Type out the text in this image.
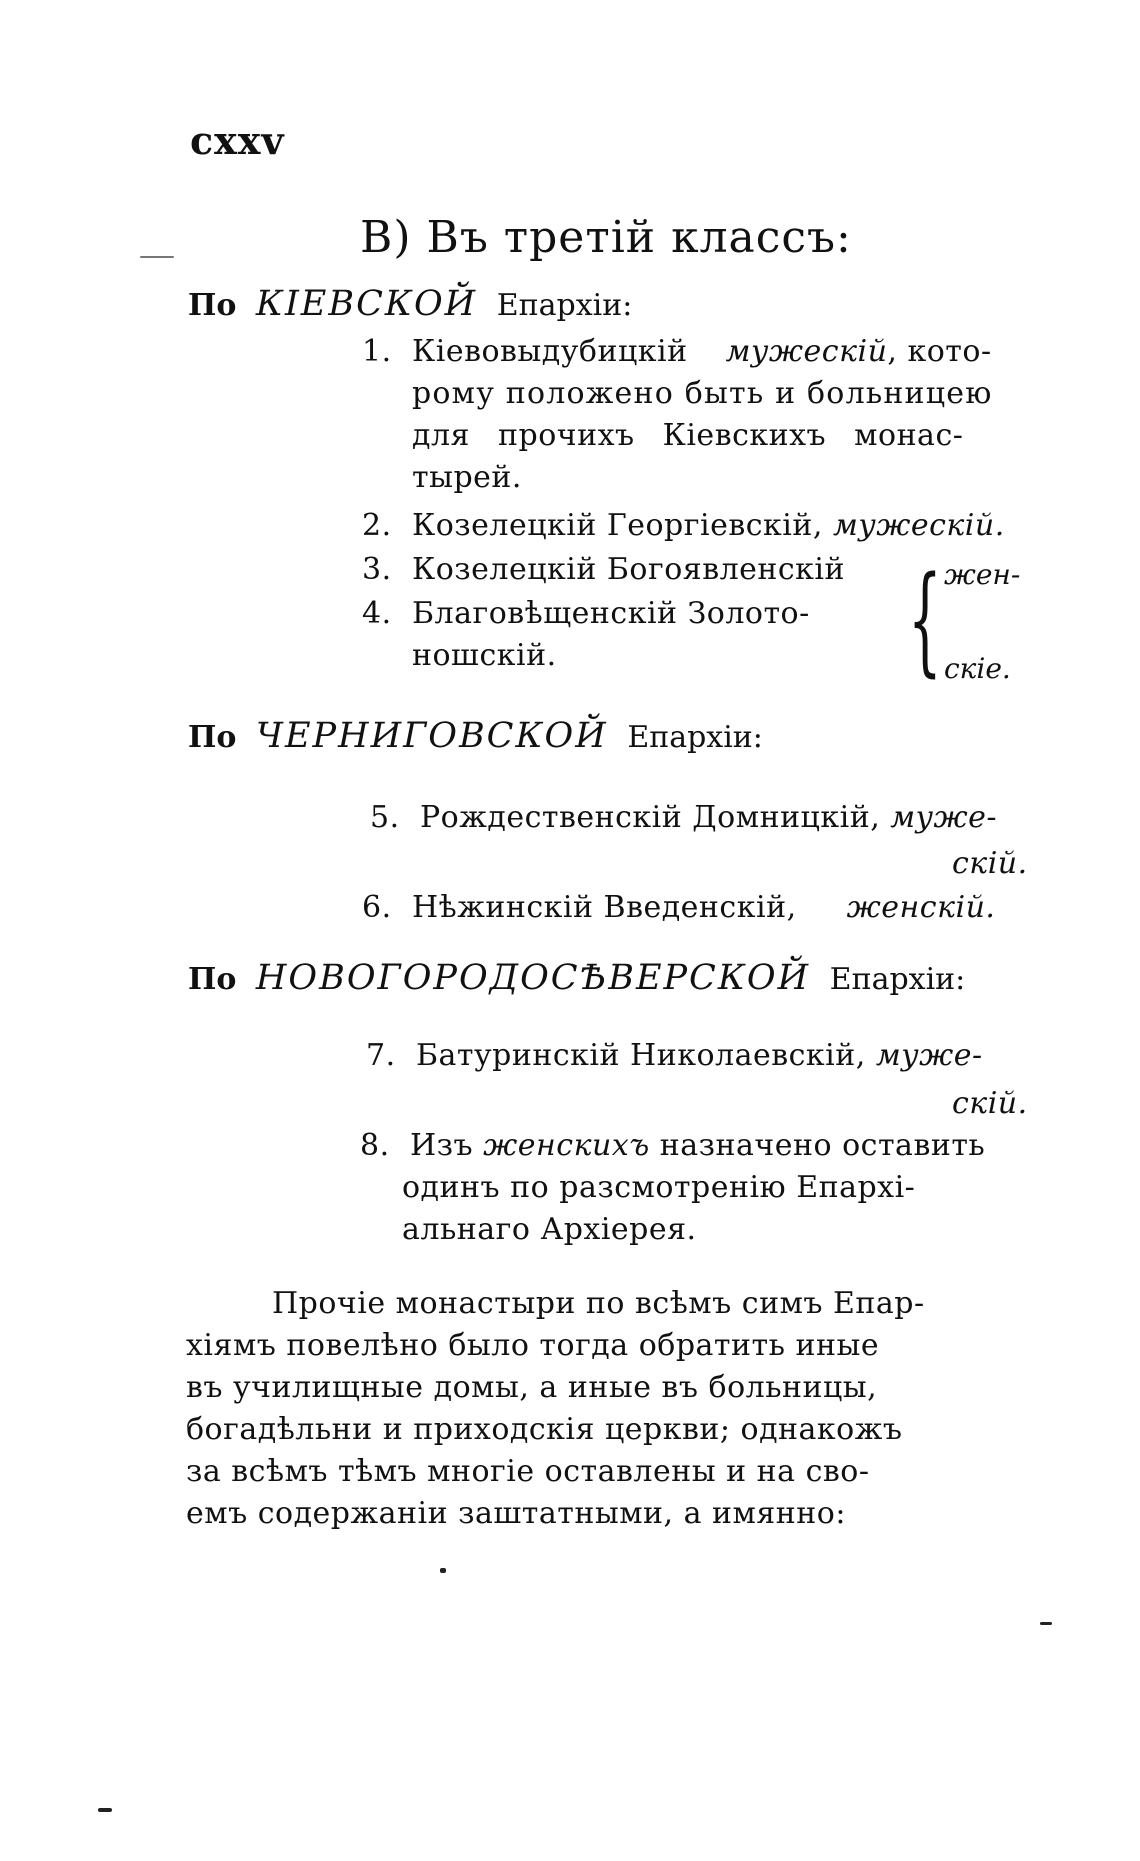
cxxv
В) Въ третій классъ:
По КІЕВСКОЙ Епархіи:
1. Кіевовыдубицкій мужескій, кото-
рому положено быть и больницею
для прочихъ Кіевскихъ монас-
тырей.
2. Козелецкій Георгіевскій, мужескій.
3. Козелецкій Богоявленскій
4. Благовѣщенскій Золото-
ношскій.	{ жен-
скіе.
По ЧЕРНИГОВСКОЙ Епархіи:
5. Рождественскій Домницкій, муже-
скій.
6. Нѣжинскій Введенскій, женскій.
По НОВОГОРОДОСѢВЕРСКОЙ Епархіи:
7. Батуринскій Николаевскій, муже-
скій.
8. Изъ женскихъ назначено оставить
одинъ по разсмотренію Епархі-
альнаго Архіерея.
Прочіе монастыри по всѣмъ симъ Епар-
хіямъ повелѣно было тогда обратить иные
въ училищные домы, а иные въ больницы,
богадѣльни и приходскія церкви; однакожъ
за всѣмъ тѣмъ многіе оставлены и на сво-
емъ содержаніи заштатными, а имянно:
